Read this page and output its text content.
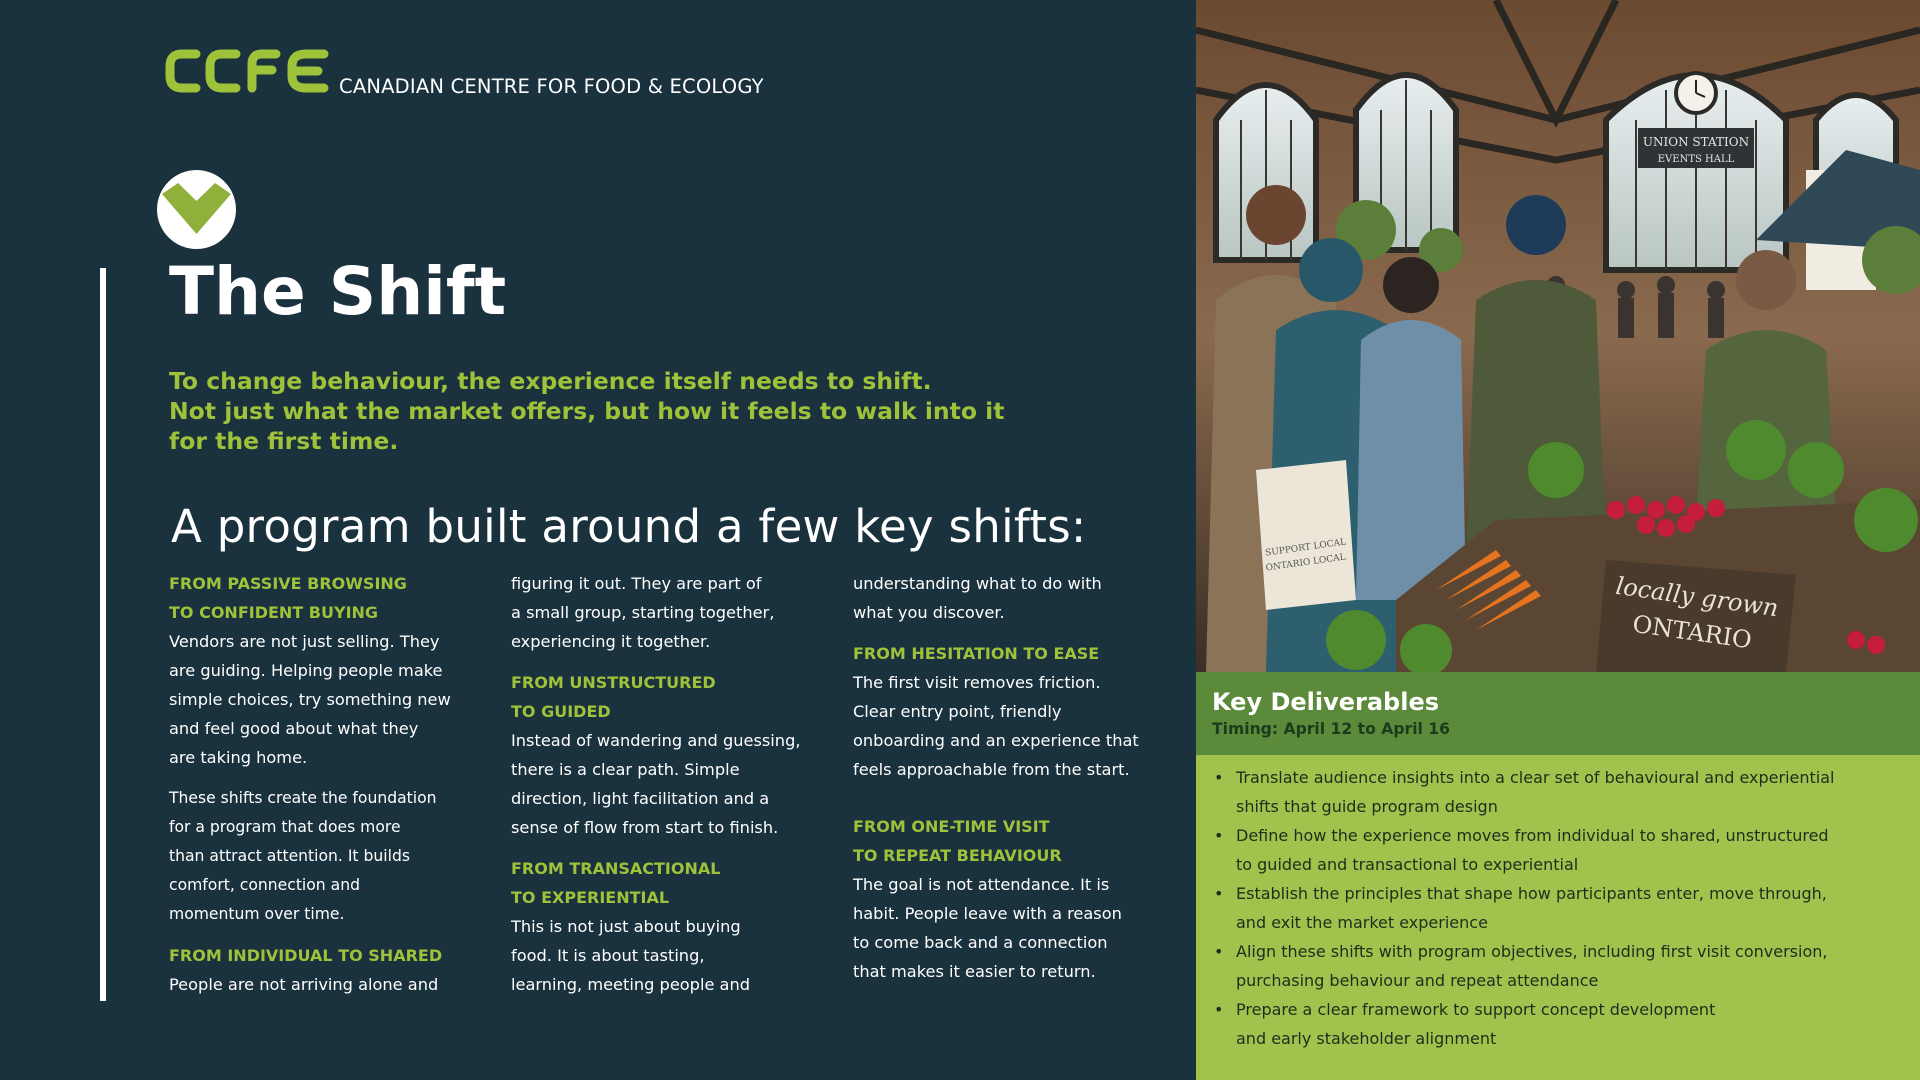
CANADIAN CENTRE FOR FOOD & ECOLOGY
The Shift
To change behaviour, the experience itself needs to shift.
Not just what the market offers, but how it feels to walk into it
for the first time.
A program built around a few key shifts:

FROM PASSIVE BROWSING
TO CONFIDENT BUYING

Vendors are not just selling. They
are guiding. Helping people make
simple choices, try something new
and feel good about what they
are taking home.

These shifts create the foundation
for a program that does more
than attract attention. It builds
comfort, connection and
momentum over time.

FROM INDIVIDUAL TO SHARED

People are not arriving alone and

figuring it out. They are part of
a small group, starting together,
experiencing it together.

FROM UNSTRUCTURED
TO GUIDED

Instead of wandering and guessing,
there is a clear path. Simple
direction, light facilitation and a
sense of flow from start to finish.

FROM TRANSACTIONAL
TO EXPERIENTIAL

This is not just about buying
food. It is about tasting,
learning, meeting people and

understanding what to do with
what you discover.

FROM HESITATION TO EASE

The first visit removes friction.
Clear entry point, friendly
onboarding and an experience that
feels approachable from the start.

FROM ONE-TIME VISIT
TO REPEAT BEHAVIOUR

The goal is not attendance. It is
habit. People leave with a reason
to come back and a connection
that makes it easier to return.

UNION STATION
EVENTS HALL
SUPPORT LOCAL
ONTARIO LOCAL
locally grown
ONTARIO
Key Deliverables
Timing: April 12 to April 16
• Translate audience insights into a clear set of behavioural and experiential
shifts that guide program design
• Define how the experience moves from individual to shared, unstructured
to guided and transactional to experiential
• Establish the principles that shape how participants enter, move through,
and exit the market experience
• Align these shifts with program objectives, including first visit conversion,
purchasing behaviour and repeat attendance
• Prepare a clear framework to support concept development
and early stakeholder alignment
